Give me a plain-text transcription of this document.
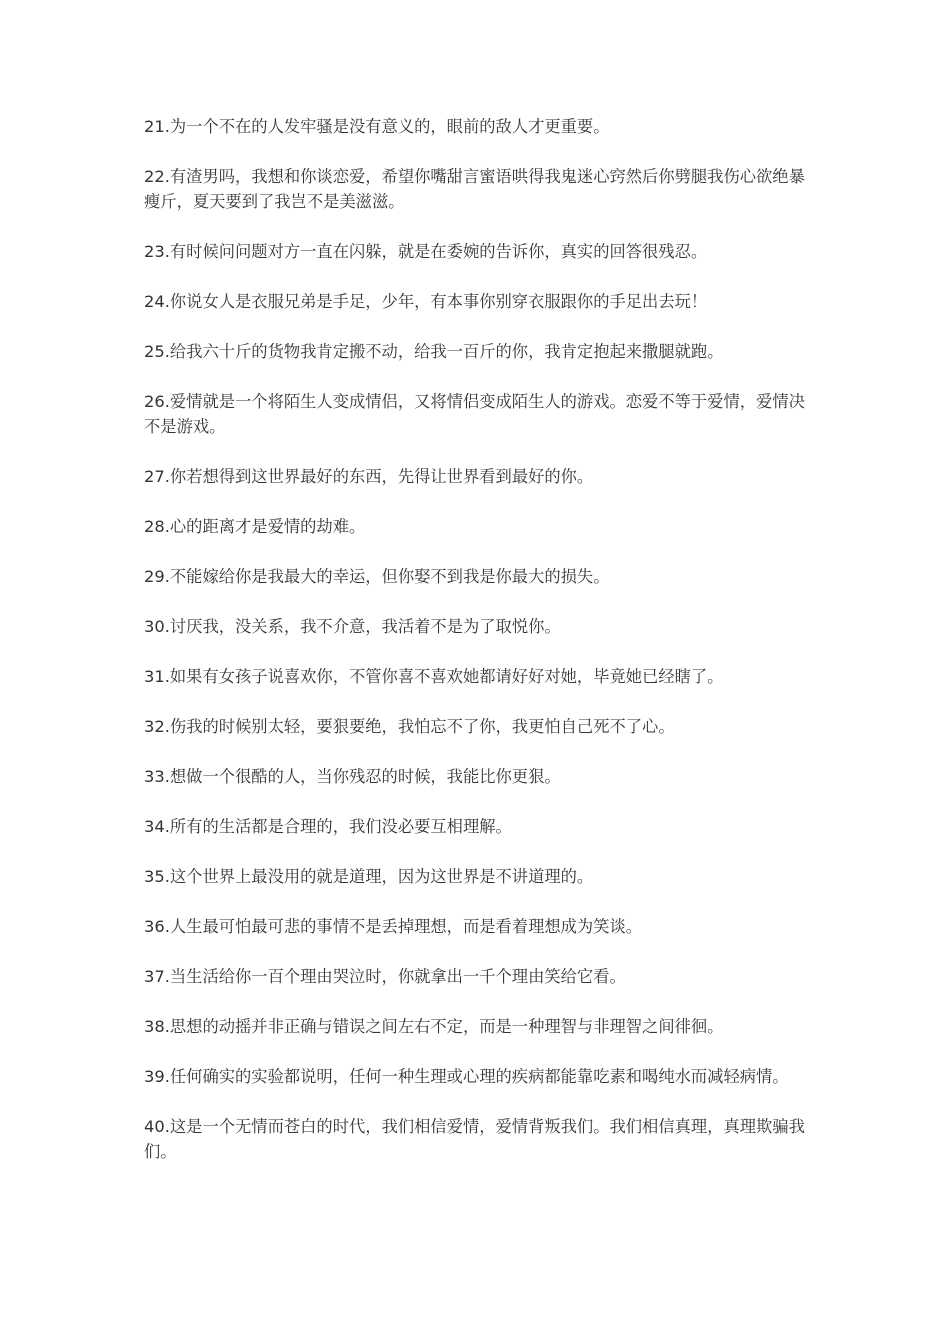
21.为一个不在的人发牢骚是没有意义的，眼前的敌人才更重要。

22.有渣男吗，我想和你谈恋爱，希望你嘴甜言蜜语哄得我鬼迷心窍然后你劈腿我伤心欲绝暴瘦斤，夏天要到了我岂不是美滋滋。

23.有时候问问题对方一直在闪躲，就是在委婉的告诉你，真实的回答很残忍。

24.你说女人是衣服兄弟是手足，少年，有本事你别穿衣服跟你的手足出去玩！

25.给我六十斤的货物我肯定搬不动，给我一百斤的你，我肯定抱起来撒腿就跑。

26.爱情就是一个将陌生人变成情侣，又将情侣变成陌生人的游戏。恋爱不等于爱情，爱情决不是游戏。

27.你若想得到这世界最好的东西，先得让世界看到最好的你。

28.心的距离才是爱情的劫难。

29.不能嫁给你是我最大的幸运，但你娶不到我是你最大的损失。

30.讨厌我，没关系，我不介意，我活着不是为了取悦你。

31.如果有女孩子说喜欢你，不管你喜不喜欢她都请好好对她，毕竟她已经瞎了。

32.伤我的时候别太轻，要狠要绝，我怕忘不了你，我更怕自己死不了心。

33.想做一个很酷的人，当你残忍的时候，我能比你更狠。

34.所有的生活都是合理的，我们没必要互相理解。

35.这个世界上最没用的就是道理，因为这世界是不讲道理的。

36.人生最可怕最可悲的事情不是丢掉理想，而是看着理想成为笑谈。

37.当生活给你一百个理由哭泣时，你就拿出一千个理由笑给它看。

38.思想的动摇并非正确与错误之间左右不定，而是一种理智与非理智之间徘徊。

39.任何确实的实验都说明，任何一种生理或心理的疾病都能靠吃素和喝纯水而减轻病情。

40.这是一个无情而苍白的时代，我们相信爱情，爱情背叛我们。我们相信真理，真理欺骗我们。
